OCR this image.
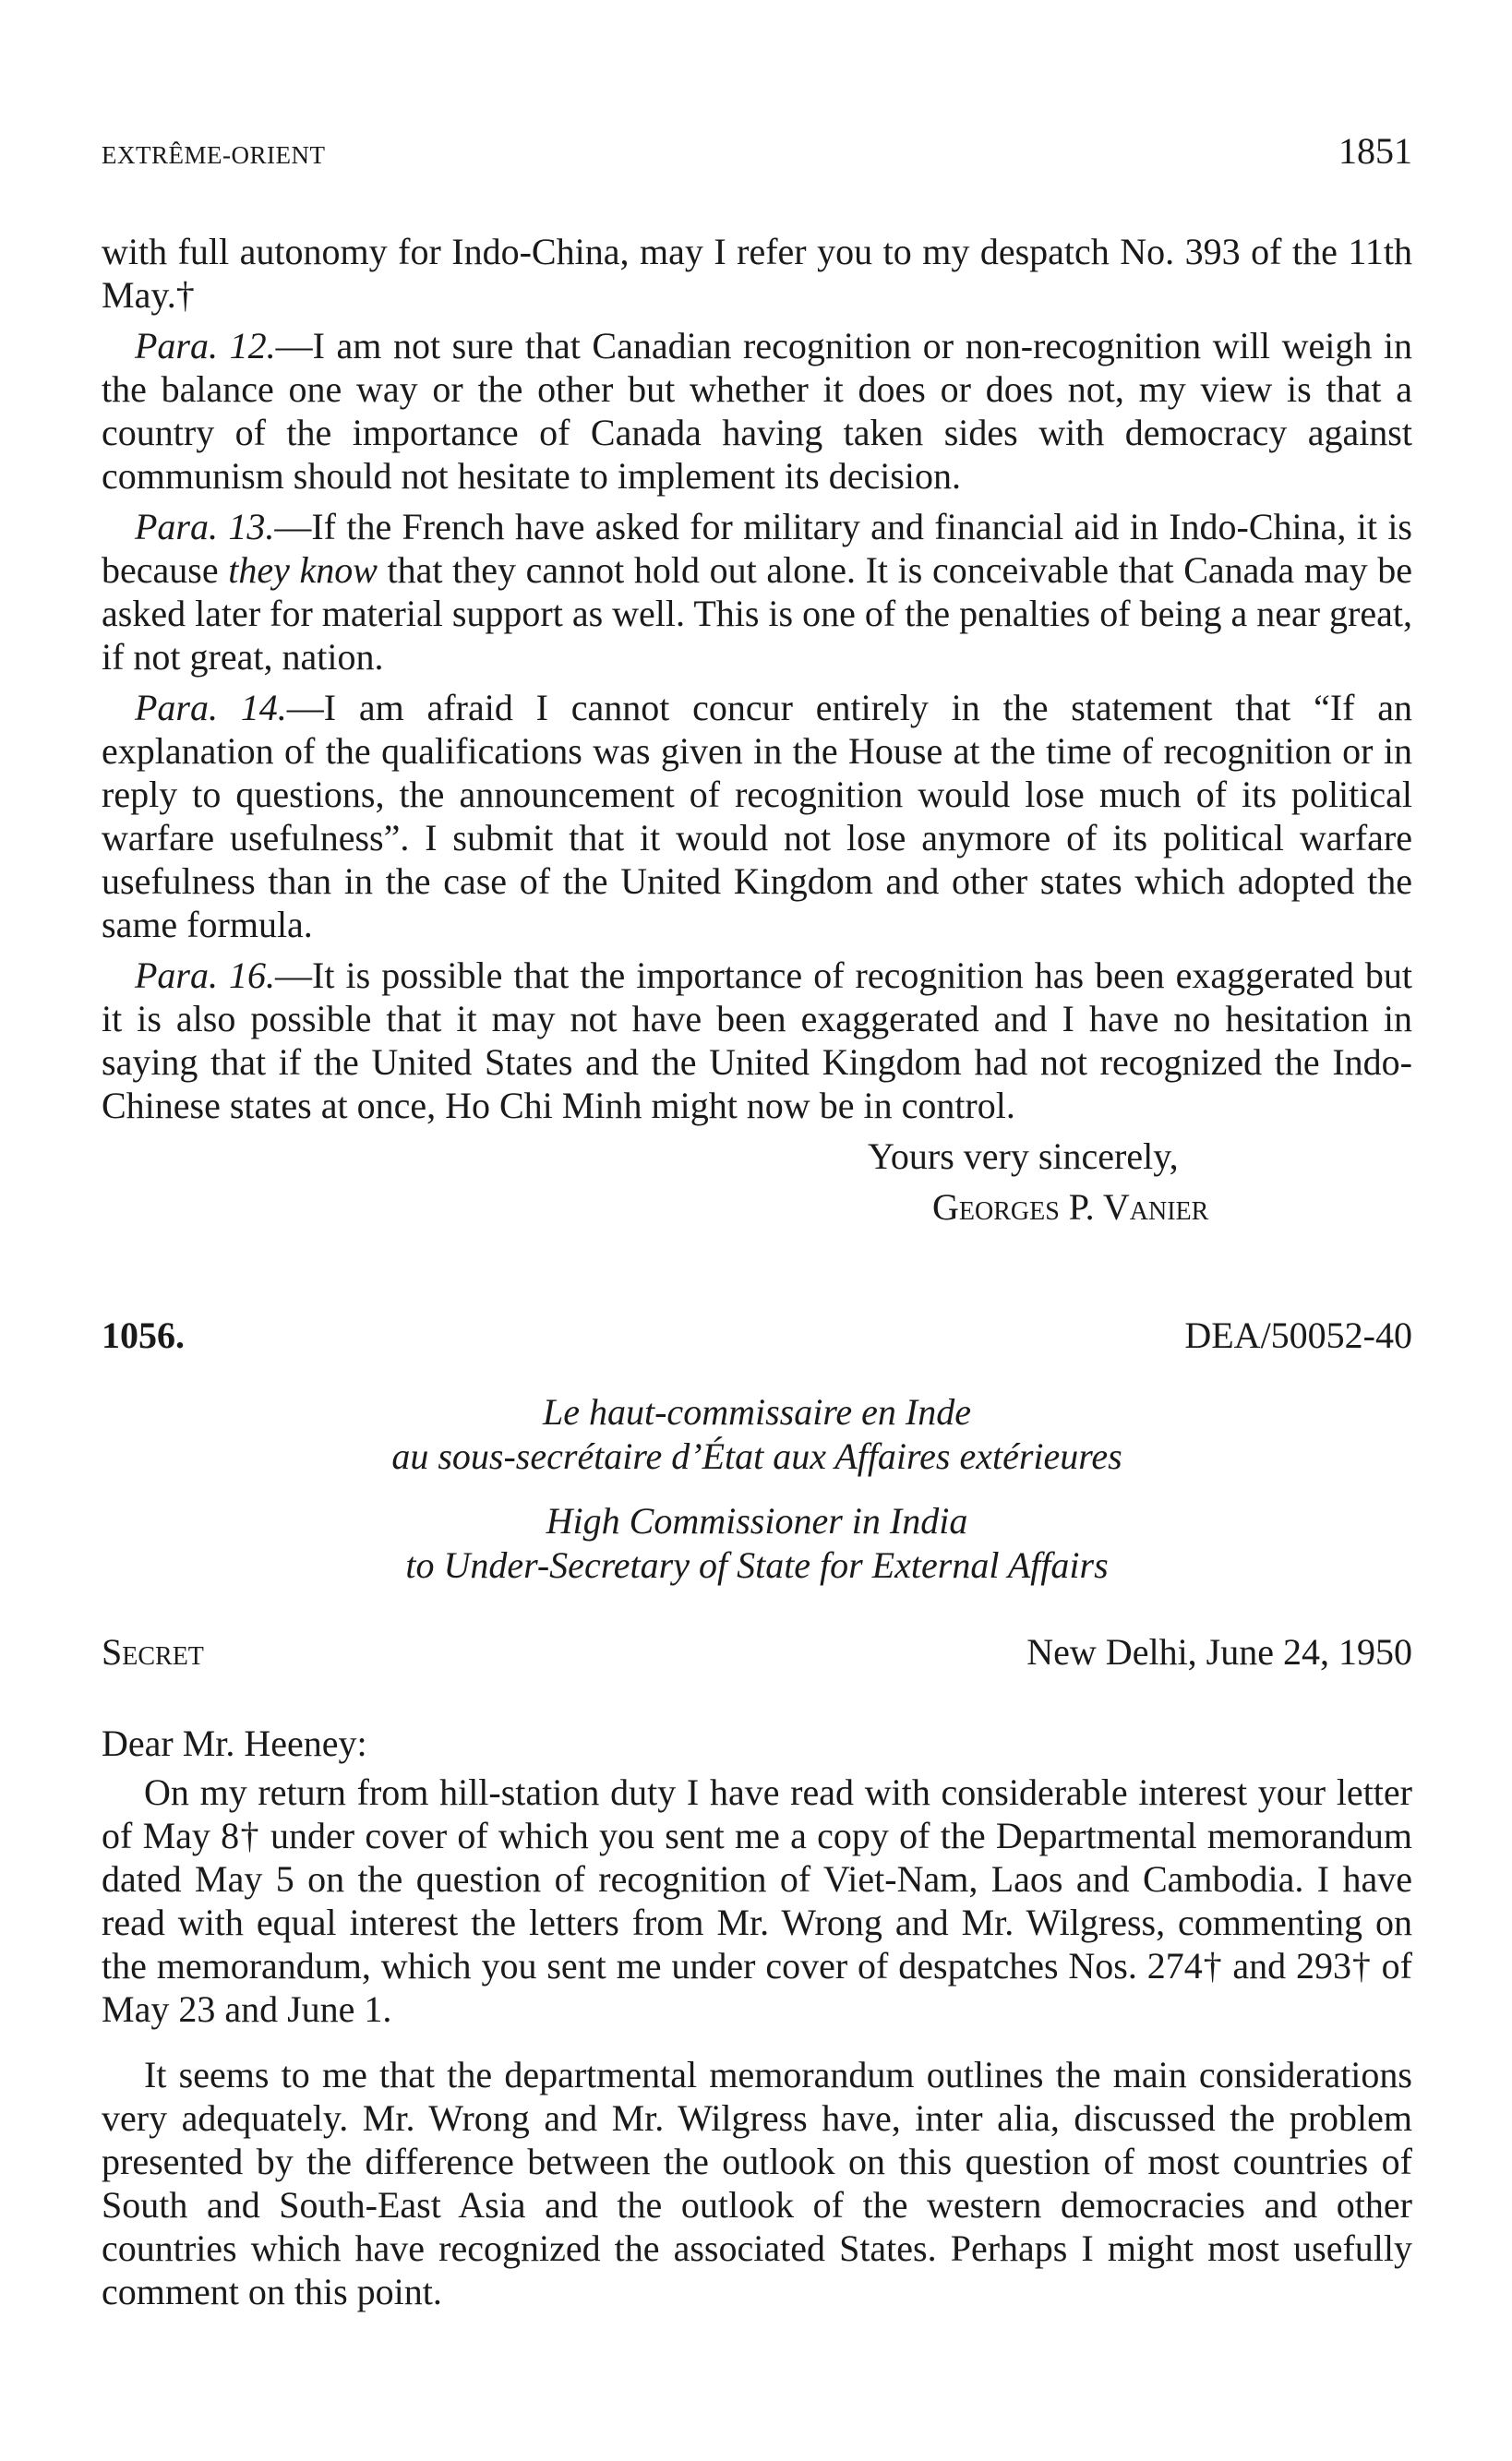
EXTRÊME-ORIENT	1851

with full autonomy for Indo-China, may I refer you to my despatch No. 393 of the 11th May.†

Para. 12.—I am not sure that Canadian recognition or non-recognition will weigh in the balance one way or the other but whether it does or does not, my view is that a country of the importance of Canada having taken sides with democracy against communism should not hesitate to implement its decision.

Para. 13.—If the French have asked for military and financial aid in Indo-China, it is because they know that they cannot hold out alone. It is conceivable that Canada may be asked later for material support as well. This is one of the penalties of being a near great, if not great, nation.

Para. 14.—I am afraid I cannot concur entirely in the statement that “If an explanation of the qualifications was given in the House at the time of recognition or in reply to questions, the announcement of recognition would lose much of its political warfare usefulness”. I submit that it would not lose anymore of its political warfare usefulness than in the case of the United Kingdom and other states which adopted the same formula.

Para. 16.—It is possible that the importance of recognition has been exaggerated but it is also possible that it may not have been exaggerated and I have no hesitation in saying that if the United States and the United Kingdom had not recognized the Indo-Chinese states at once, Ho Chi Minh might now be in control.

Yours very sincerely,
Georges P. Vanier
1056.	DEA/50052-40
Le haut-commissaire en Inde
au sous-secrétaire d’État aux Affaires extérieures
High Commissioner in India
to Under-Secretary of State for External Affairs
Secret	New Delhi, June 24, 1950
Dear Mr. Heeney:

On my return from hill-station duty I have read with considerable interest your letter of May 8† under cover of which you sent me a copy of the Departmental memorandum dated May 5 on the question of recognition of Viet-Nam, Laos and Cambodia. I have read with equal interest the letters from Mr. Wrong and Mr. Wilgress, commenting on the memorandum, which you sent me under cover of despatches Nos. 274† and 293† of May 23 and June 1.

It seems to me that the departmental memorandum outlines the main considerations very adequately. Mr. Wrong and Mr. Wilgress have, inter alia, discussed the problem presented by the difference between the outlook on this question of most countries of South and South-East Asia and the outlook of the western democracies and other countries which have recognized the associated States. Perhaps I might most usefully comment on this point.
